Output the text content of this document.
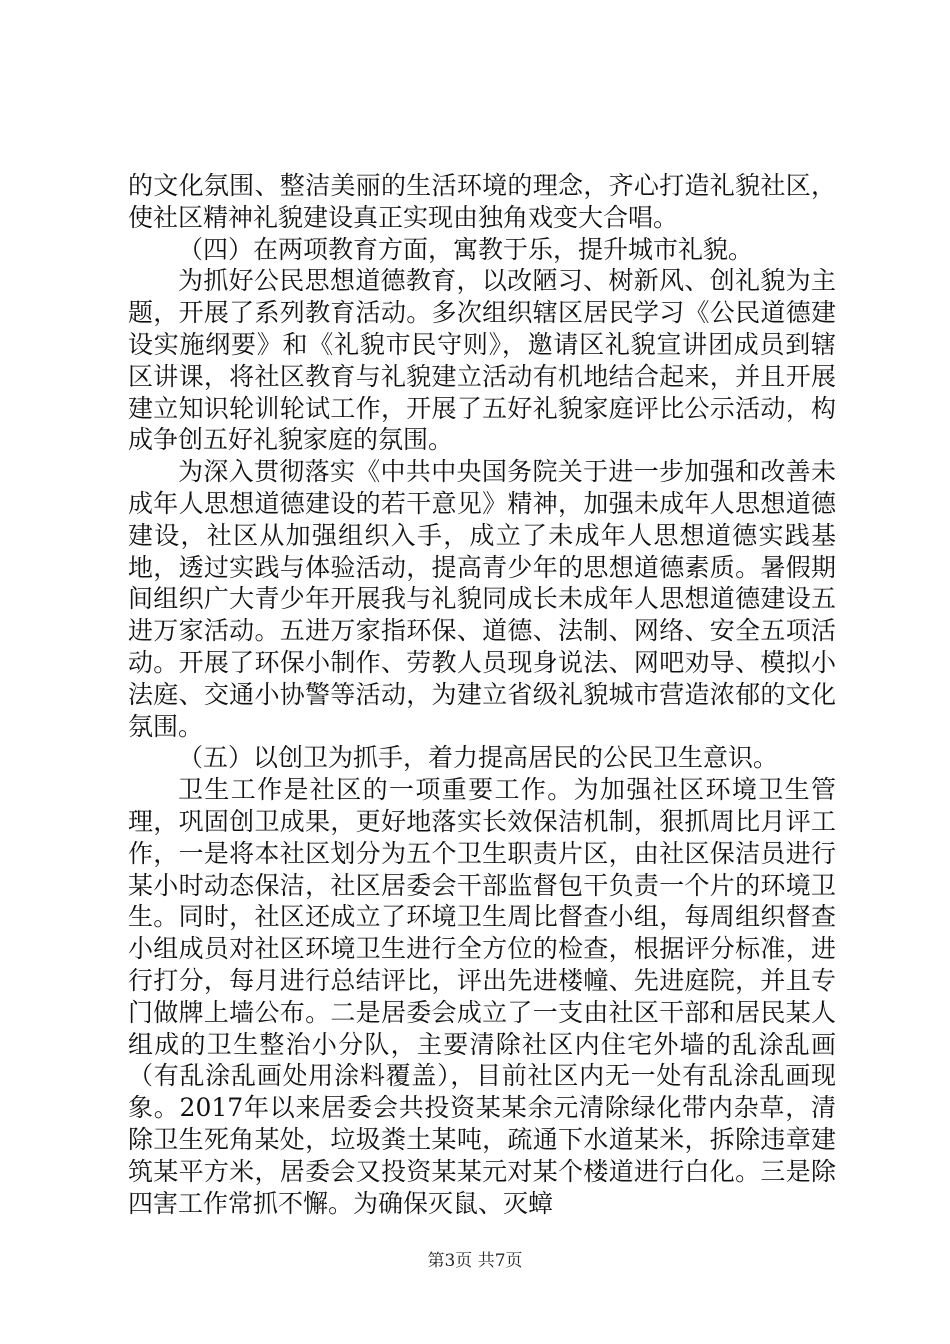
的文化氛围、整洁美丽的生活环境的理念，齐心打造礼貌社区，使社区精神礼貌建设真正实现由独角戏变大合唱。

（四）在两项教育方面，寓教于乐，提升城市礼貌。

为抓好公民思想道德教育，以改陋习、树新风、创礼貌为主题，开展了系列教育活动。多次组织辖区居民学习《公民道德建设实施纲要》和《礼貌市民守则》，邀请区礼貌宣讲团成员到辖区讲课，将社区教育与礼貌建立活动有机地结合起来，并且开展建立知识轮训轮试工作，开展了五好礼貌家庭评比公示活动，构成争创五好礼貌家庭的氛围。

为深入贯彻落实《中共中央国务院关于进一步加强和改善未成年人思想道德建设的若干意见》精神，加强未成年人思想道德建设，社区从加强组织入手，成立了未成年人思想道德实践基地，透过实践与体验活动，提高青少年的思想道德素质。暑假期间组织广大青少年开展我与礼貌同成长未成年人思想道德建设五进万家活动。五进万家指环保、道德、法制、网络、安全五项活动。开展了环保小制作、劳教人员现身说法、网吧劝导、模拟小法庭、交通小协警等活动，为建立省级礼貌城市营造浓郁的文化氛围。

（五）以创卫为抓手，着力提高居民的公民卫生意识。

卫生工作是社区的一项重要工作。为加强社区环境卫生管理，巩固创卫成果，更好地落实长效保洁机制，狠抓周比月评工作，一是将本社区划分为五个卫生职责片区，由社区保洁员进行某小时动态保洁，社区居委会干部监督包干负责一个片的环境卫生。同时，社区还成立了环境卫生周比督查小组，每周组织督查小组成员对社区环境卫生进行全方位的检查，根据评分标准，进行打分，每月进行总结评比，评出先进楼幢、先进庭院，并且专门做牌上墙公布。二是居委会成立了一支由社区干部和居民某人组成的卫生整治小分队，主要清除社区内住宅外墙的乱涂乱画（有乱涂乱画处用涂料覆盖），目前社区内无一处有乱涂乱画现象。2017年以来居委会共投资某某余元清除绿化带内杂草，清除卫生死角某处，垃圾粪土某吨，疏通下水道某米，拆除违章建筑某平方米，居委会又投资某某元对某个楼道进行白化。三是除四害工作常抓不懈。为确保灭鼠、灭蟑

第3页 共7页
